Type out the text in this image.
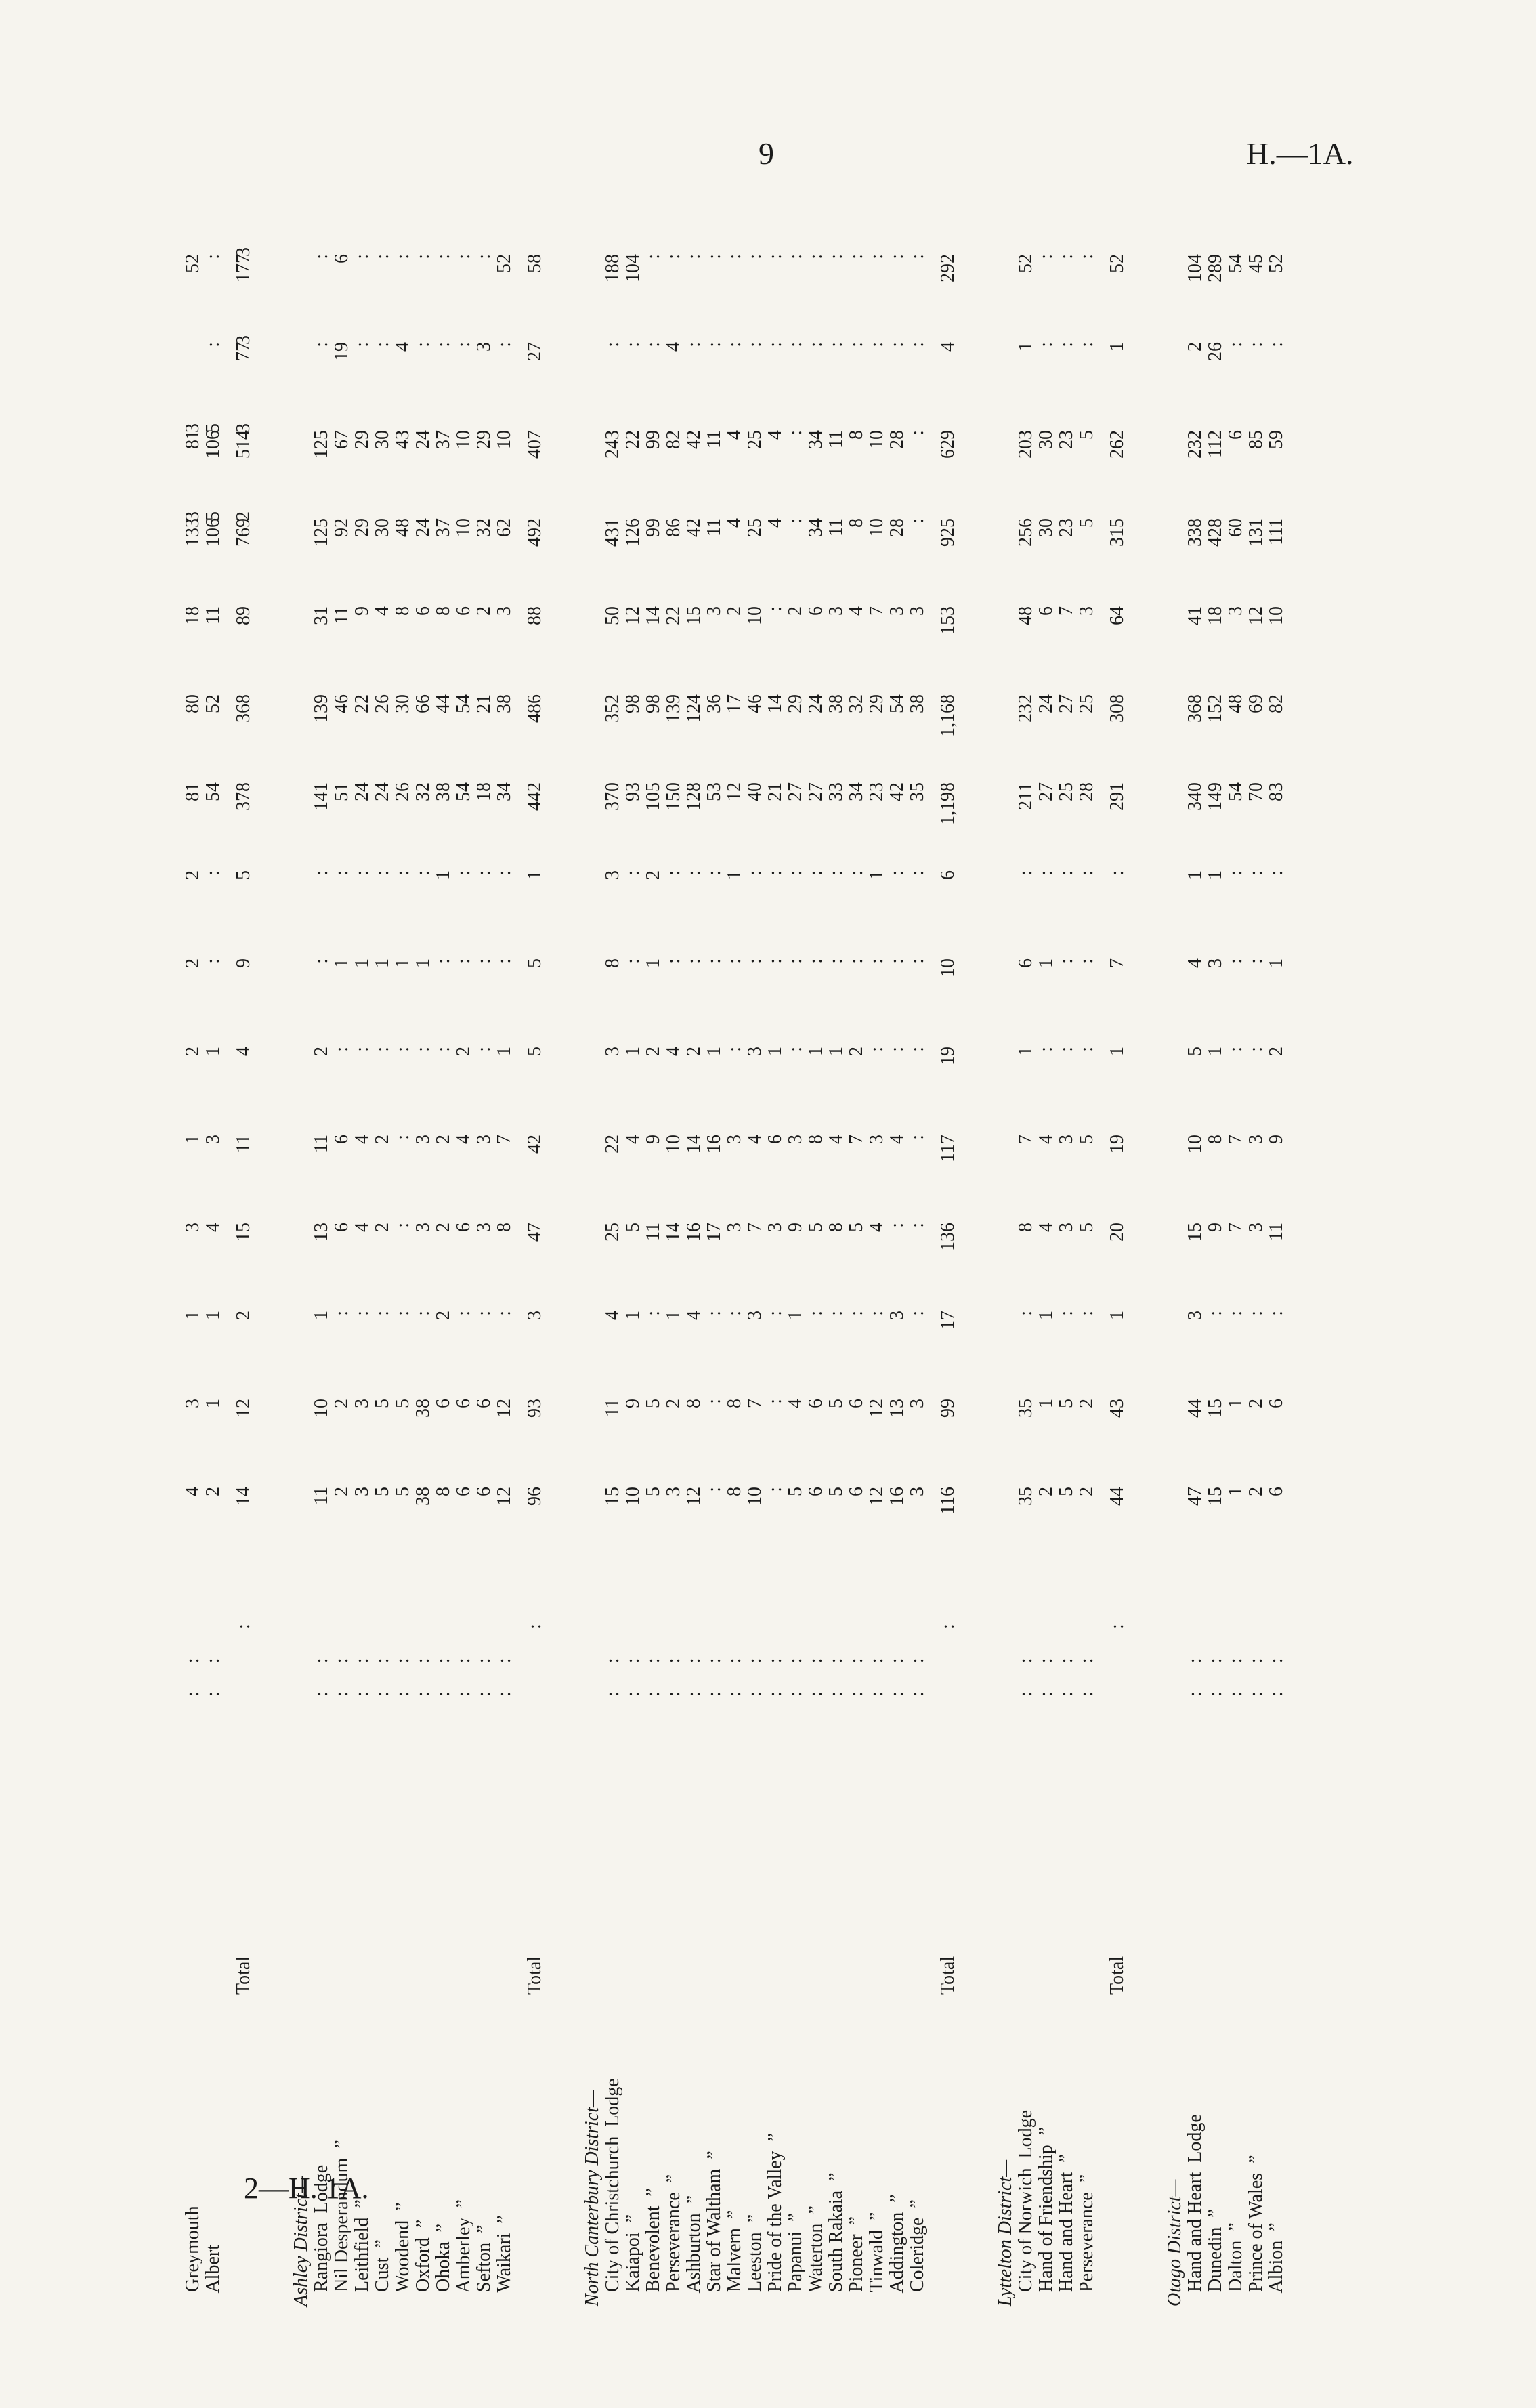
9	H.—1A.
Greymouth
:      :
4
3
1
3
1
2
2
2
81
80
18
133
3
81
3
52
Albert
:      :
2
1
1
4
3
1
:
:
54
52
11
106
5
106
5
:
:
Total
:
14
12
2
15
11
4
9
5
378
368
89
769
2
514
3
77
3
177
3
Ashley District— Rangiora  Lodge
:      :
11
10
1
13
11
2
:
:
141
139
31
125
125
:
:
Nil Desperandum  ”
:      :
2
2
:
6
6
:
1
:
51
46
11
92
67
19
6
Leithfield  ”
:      :
3
3
:
4
4
:
1
:
24
22
9
29
29
:
:
Cust  ”
:      :
5
5
:
2
2
:
1
:
24
26
4
30
30
:
:
Woodend  ”
:      :
5
5
:
:
:
:
1
:
26
30
8
48
43
4
:
Oxford  ”
:      :
38
38
:
3
3
:
1
:
32
66
6
24
24
:
:
Ohoka  ”
:      :
8
6
2
2
2
:
:
1
38
44
8
37
37
:
:
Amberley  ”
:      :
6
6
:
6
4
2
:
:
54
54
6
10
10
:
:
Sefton  ”
:      :
6
6
:
3
3
:
:
:
18
21
2
32
29
3
:
Waikari  ”
:      :
12
12
:
8
7
1
:
:
34
38
3
62
10
:
52
Total
:
96
93
3
47
42
5
5
1
442
486
88
492
407
27
58
North Canterbury District— City of Christchurch  Lodge
:      :
15
11
4
25
22
3
8
3
370
352
50
431
243
:
188
Kaiapoi  ”
:      :
10
9
1
5
4
1
:
:
93
98
12
126
22
:
104
Benevolent  ”
:      :
5
5
:
11
9
2
1
2
105
98
14
99
99
:
:
Perseverance  ”
:      :
3
2
1
14
10
4
:
:
150
139
22
86
82
4
:
Ashburton  ”
:      :
12
8
4
16
14
2
:
:
128
124
15
42
42
:
:
Star of Waltham  ”
:      :
:
:
:
17
16
1
:
:
53
36
3
11
11
:
:
Malvern  ”
:      :
8
8
:
3
3
:
:
1
12
17
2
4
4
:
:
Leeston  ”
:      :
10
7
3
7
4
3
:
:
40
46
10
25
25
:
:
Pride of the Valley  ”
:      :
:
:
:
3
6
1
:
:
21
14
:
4
4
:
:
Papanui  ”
:      :
5
4
1
9
3
:
:
:
27
29
2
:
:
:
:
Waterton  ”
:      :
6
6
:
5
8
1
:
:
27
24
6
34
34
:
:
South Rakaia  ”
:      :
5
5
:
8
4
1
:
:
33
38
3
11
11
:
:
Pioneer  ”
:      :
6
6
:
5
7
2
:
:
34
32
4
8
8
:
:
Tinwald  ”
:      :
12
12
:
4
3
:
:
1
23
29
7
10
10
:
:
Addington  ”
:      :
16
13
3
:
4
:
:
:
42
54
3
28
28
:
:
Coleridge  ”
:      :
3
3
:
:
:
:
:
:
35
38
3
:
:
:
:
Total
:
116
99
17
136
117
19
10
6
1,198
1,168
153
925
629
4
292
Lyttelton District— City of Norwich  Lodge
:      :
35
35
:
8
7
1
6
:
211
232
48
256
203
1
52
Hand of Friendship  ”
:      :
2
1
1
4
4
:
1
:
27
24
6
30
30
:
:
Hand and Heart  ”
:      :
5
5
:
3
3
:
:
:
25
27
7
23
23
:
:
Perseverance  ”
:      :
2
2
:
5
5
:
:
:
28
25
3
5
5
:
:
Total
:
44
43
1
20
19
1
7
:
291
308
64
315
262
1
52
Otago District— Hand and Heart  Lodge
:      :
47
44
3
15
10
5
4
1
340
368
41
338
232
2
104
Dunedin  ”
:      :
15
15
:
9
8
1
3
1
149
152
18
428
112
26
289
Dalton  ”
:      :
1
1
:
7
7
:
:
:
54
48
3
60
6
:
54
Prince of Wales  ”
:      :
2
2
:
3
3
:
:
:
70
69
12
131
85
:
45
Albion  ”
:      :
6
6
:
11
9
2
1
:
83
82
10
111
59
:
52
2—H. 1A.
